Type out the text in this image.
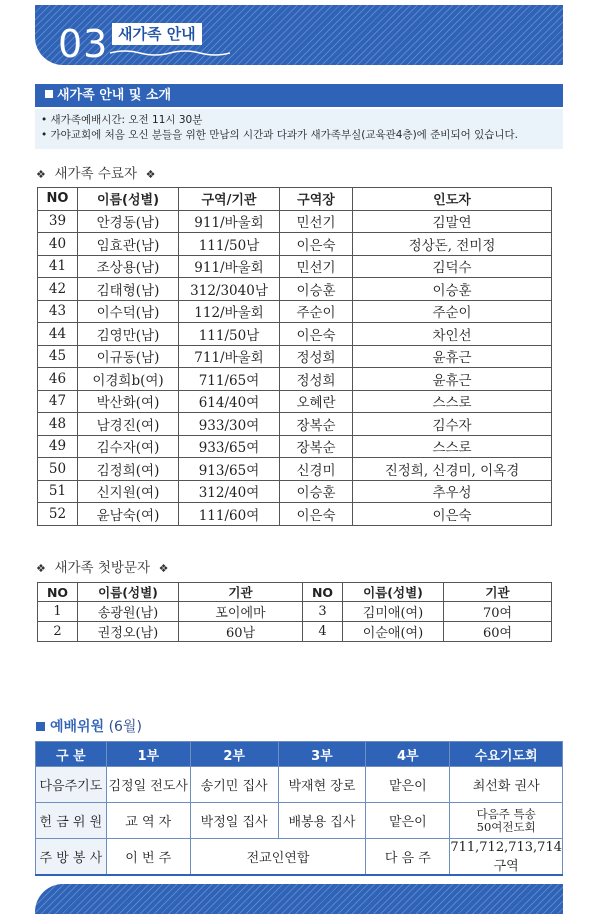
03 새가족 안내
새가족 안내 및 소개
• 새가족예배시간: 오전 11시 30분
• 가야교회에 처음 오신 분들을 위한 만남의 시간과 다과가 새가족부실(교육관4층)에 준비되어 있습니다.
❖ 새가족 수료자 ❖
NO	이름(성별)	구역/기관	구역장	인도자
39	안경동(남)	911/바울회	민선기	김말연
40	임효관(남)	111/50남	이은숙	정상돈, 전미정
41	조상용(남)	911/바울회	민선기	김덕수
42	김태형(남)	312/3040남	이승훈	이승훈
43	이수덕(남)	112/바울회	주순이	주순이
44	김영만(남)	111/50남	이은숙	차인선
45	이규동(남)	711/바울회	정성희	윤휴근
46	이경희b(여)	711/65여	정성희	윤휴근
47	박산화(여)	614/40여	오혜란	스스로
48	남경진(여)	933/30여	장복순	김수자
49	김수자(여)	933/65여	장복순	스스로
50	김정희(여)	913/65여	신경미	진정희, 신경미, 이옥경
51	신지원(여)	312/40여	이승훈	추우성
52	윤남숙(여)	111/60여	이은숙	이은숙
❖ 새가족 첫방문자 ❖
NO	이름(성별)	기관	NO	이름(성별)	기관
1	송광원(남)	포이에마	3	김미애(여)	70여
2	권정오(남)	60남	4	이순애(여)	60여
예배위원 (6월)
구 분	1부	2부	3부	4부	수요기도회
다음주기도	김정일 전도사	송기민 집사	박재현 장로	맡은이	최선화 권사
헌 금 위 원	교 역 자	박정일 집사	배봉용 집사	맡은이	다음주 특송
50여전도회
주 방 봉 사	이 번 주	전교인연합		다 음 주	711,712,713,714구역
